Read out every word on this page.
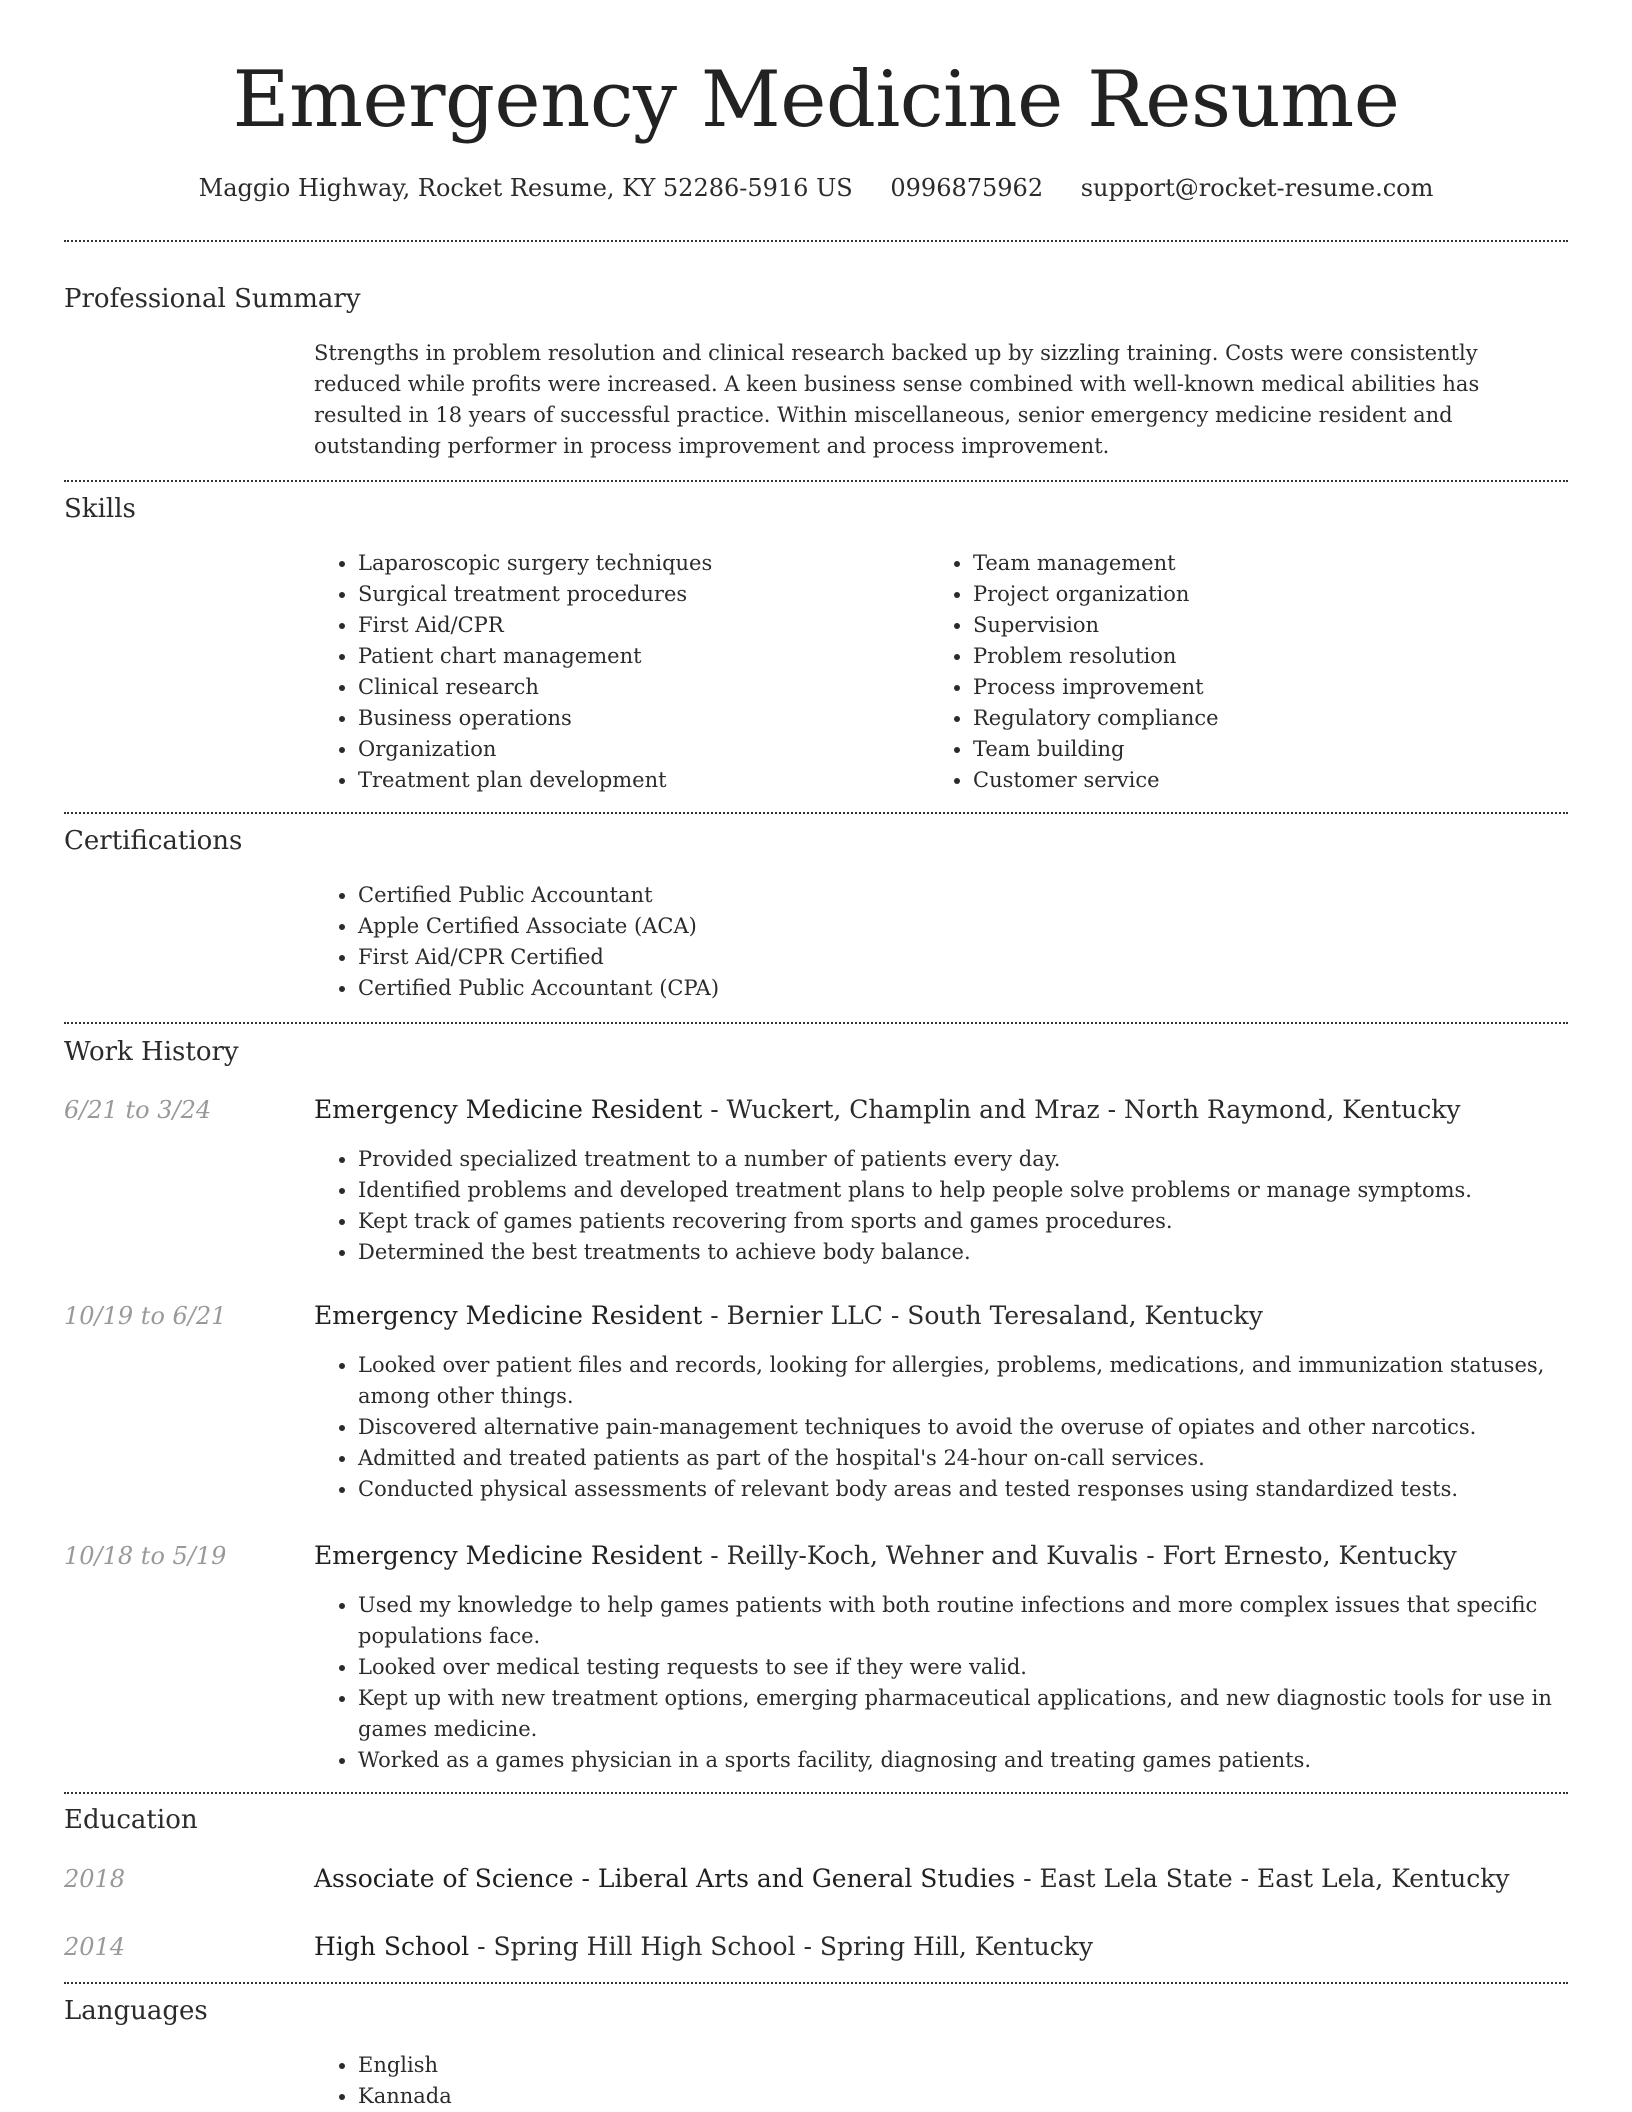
Emergency Medicine Resume
Maggio Highway, Rocket Resume, KY 52286-5916 US 0996875962 support@rocket-resume.com
Professional Summary
Strengths in problem resolution and clinical research backed up by sizzling training. Costs were consistently reduced while profits were increased. A keen business sense combined with well-known medical abilities has resulted in 18 years of successful practice. Within miscellaneous, senior emergency medicine resident and outstanding performer in process improvement and process improvement.
Skills
• Laparoscopic surgery techniques
• Surgical treatment procedures
• First Aid/CPR
• Patient chart management
• Clinical research
• Business operations
• Organization
• Treatment plan development
• Team management
• Project organization
• Supervision
• Problem resolution
• Process improvement
• Regulatory compliance
• Team building
• Customer service
Certifications
• Certified Public Accountant
• Apple Certified Associate (ACA)
• First Aid/CPR Certified
• Certified Public Accountant (CPA)
Work History
6/21 to 3/24	Emergency Medicine Resident - Wuckert, Champlin and Mraz - North Raymond, Kentucky
• Provided specialized treatment to a number of patients every day.
• Identified problems and developed treatment plans to help people solve problems or manage symptoms.
• Kept track of games patients recovering from sports and games procedures.
• Determined the best treatments to achieve body balance.
10/19 to 6/21	Emergency Medicine Resident - Bernier LLC - South Teresaland, Kentucky
• Looked over patient files and records, looking for allergies, problems, medications, and immunization statuses, among other things.
• Discovered alternative pain-management techniques to avoid the overuse of opiates and other narcotics.
• Admitted and treated patients as part of the hospital's 24-hour on-call services.
• Conducted physical assessments of relevant body areas and tested responses using standardized tests.
10/18 to 5/19	Emergency Medicine Resident - Reilly-Koch, Wehner and Kuvalis - Fort Ernesto, Kentucky
• Used my knowledge to help games patients with both routine infections and more complex issues that specific populations face.
• Looked over medical testing requests to see if they were valid.
• Kept up with new treatment options, emerging pharmaceutical applications, and new diagnostic tools for use in games medicine.
• Worked as a games physician in a sports facility, diagnosing and treating games patients.
Education
2018	Associate of Science - Liberal Arts and General Studies - East Lela State - East Lela, Kentucky
2014	High School - Spring Hill High School - Spring Hill, Kentucky
Languages
• English
• Kannada
